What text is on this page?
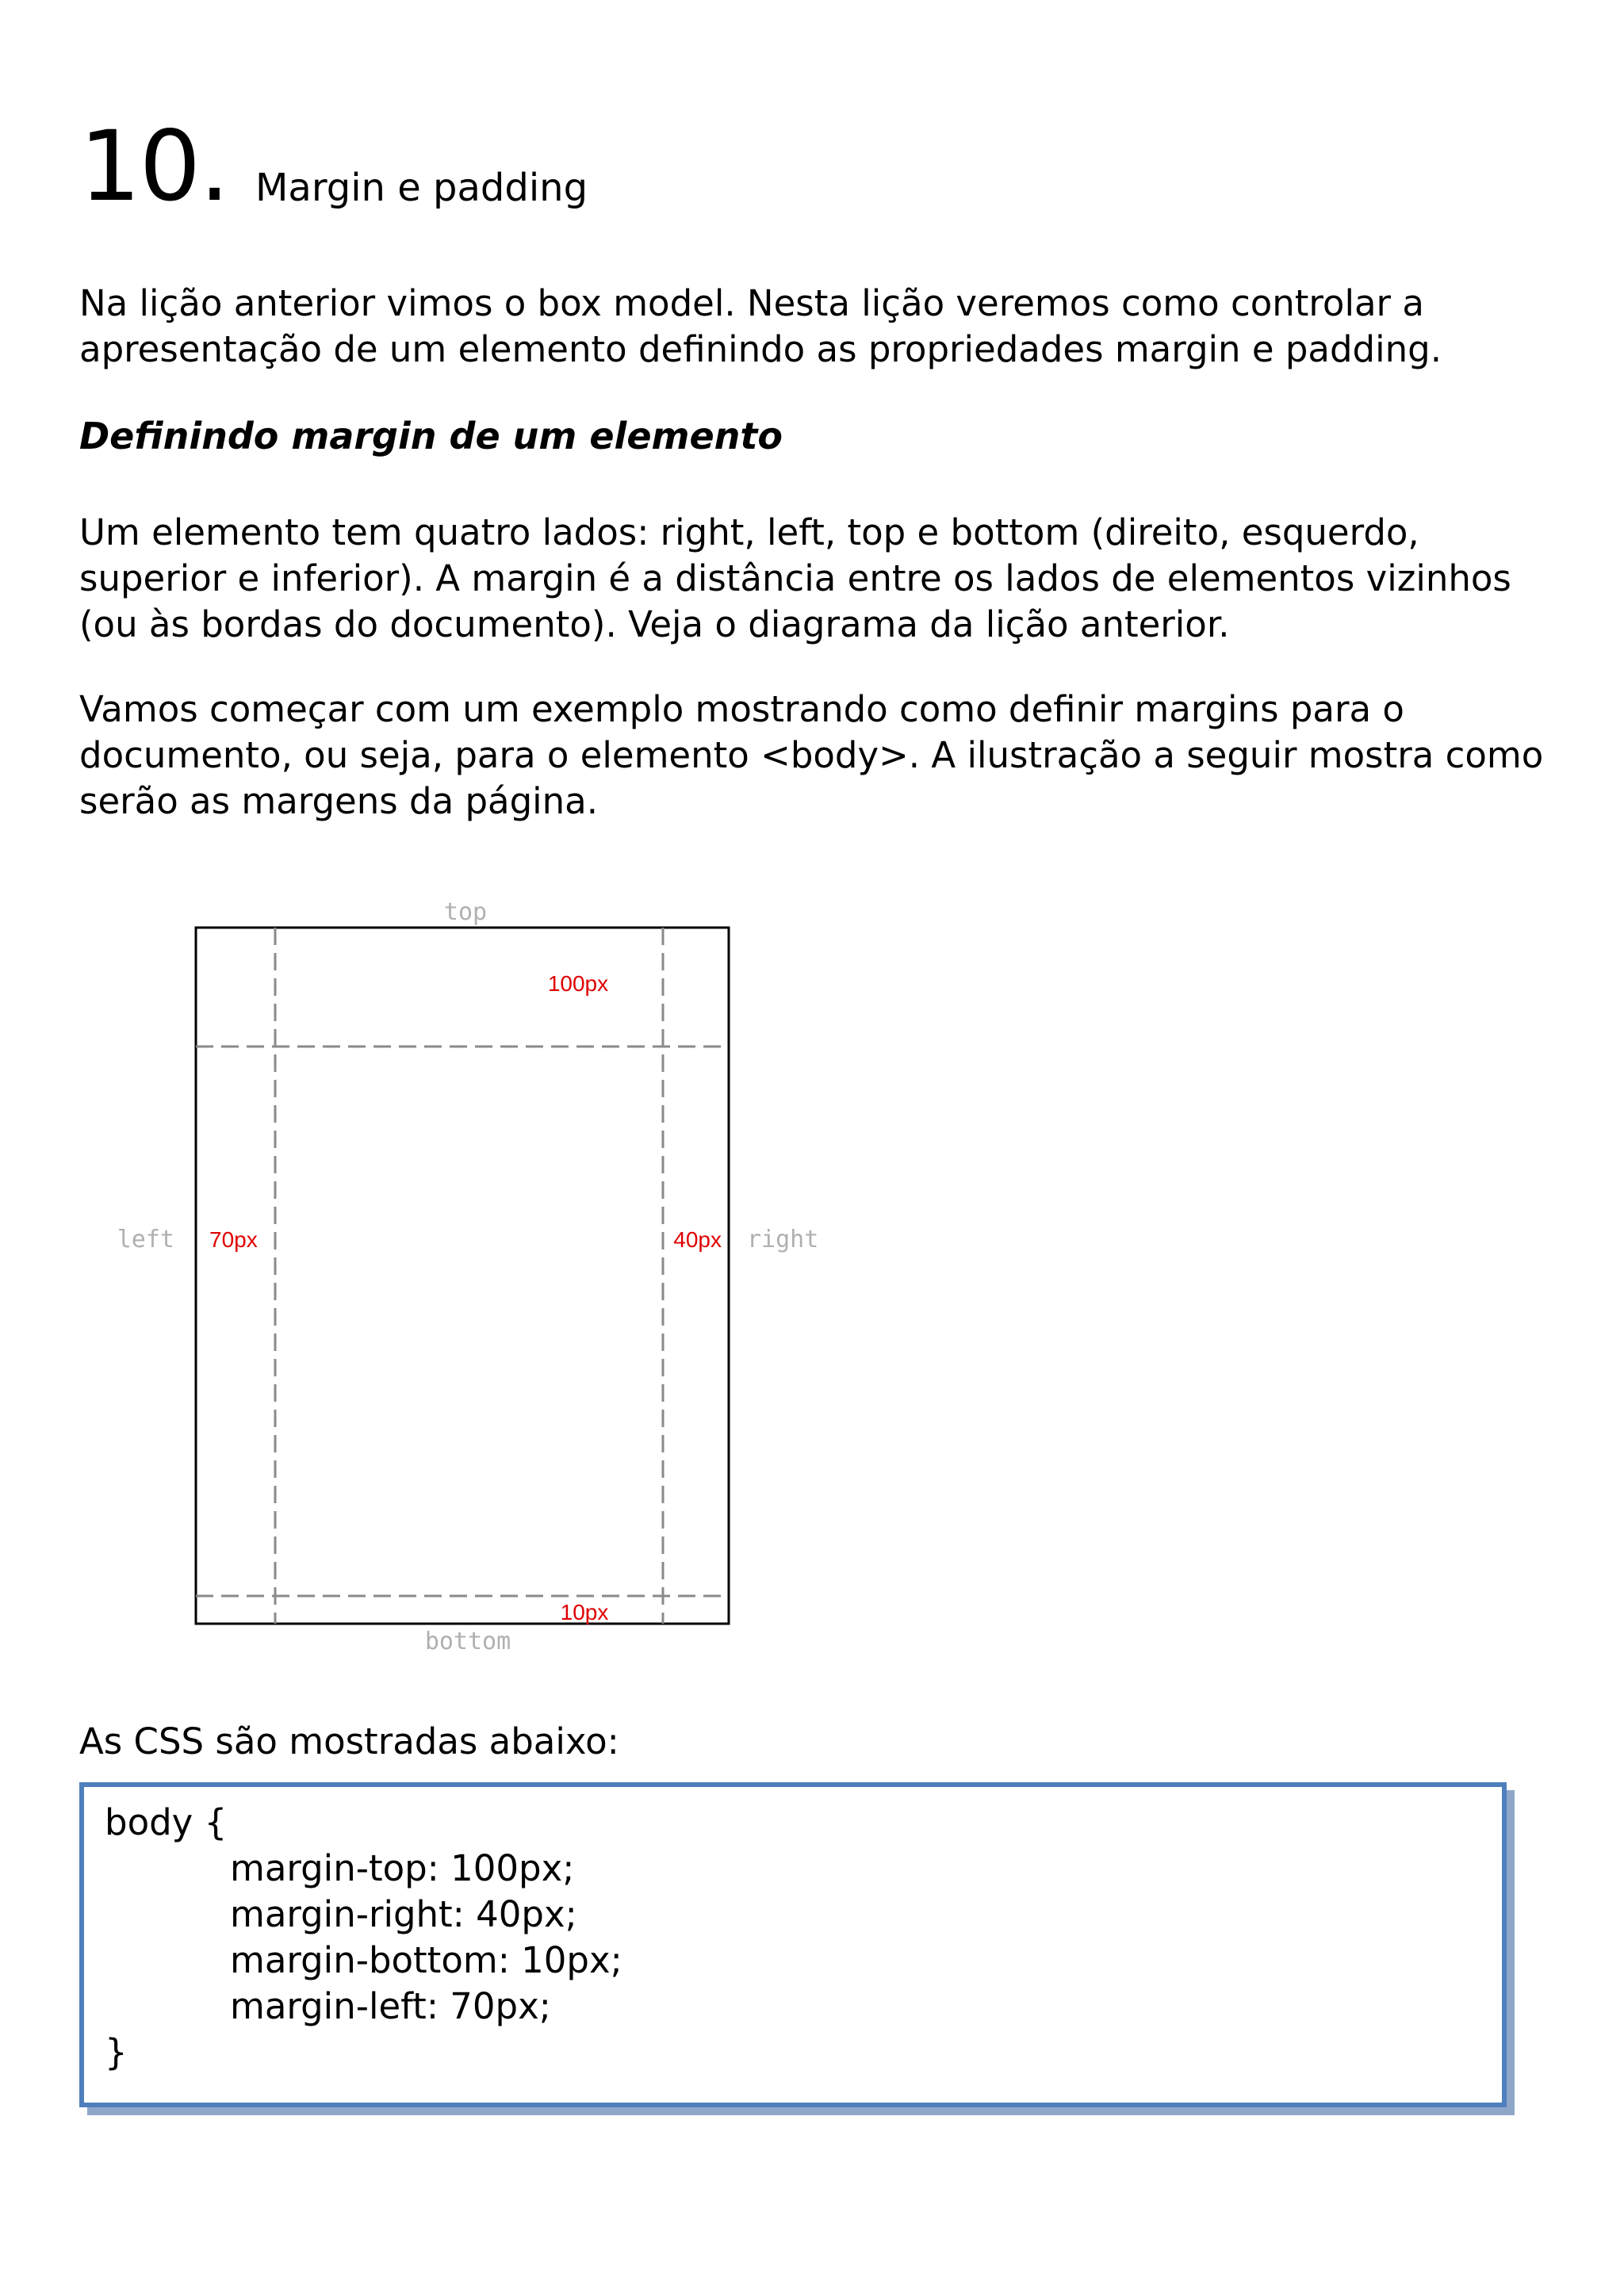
10. Margin e padding
Na lição anterior vimos o box model. Nesta lição veremos como controlar a apresentação de um elemento definindo as propriedades margin e padding.
Definindo margin de um elemento
Um elemento tem quatro lados: right, left, top e bottom (direito, esquerdo, superior e inferior). A margin é a distância entre os lados de elementos vizinhos (ou às bordas do documento). Veja o diagrama da lição anterior.
Vamos começar com um exemplo mostrando como definir margins para o documento, ou seja, para o elemento <body>. A ilustração a seguir mostra como serão as margens da página.
top
bottom
left	right
100px
70px	40px
10px
As CSS são mostradas abaixo:
body {
margin-top: 100px;
margin-right: 40px;
margin-bottom: 10px;
margin-left: 70px;
}
